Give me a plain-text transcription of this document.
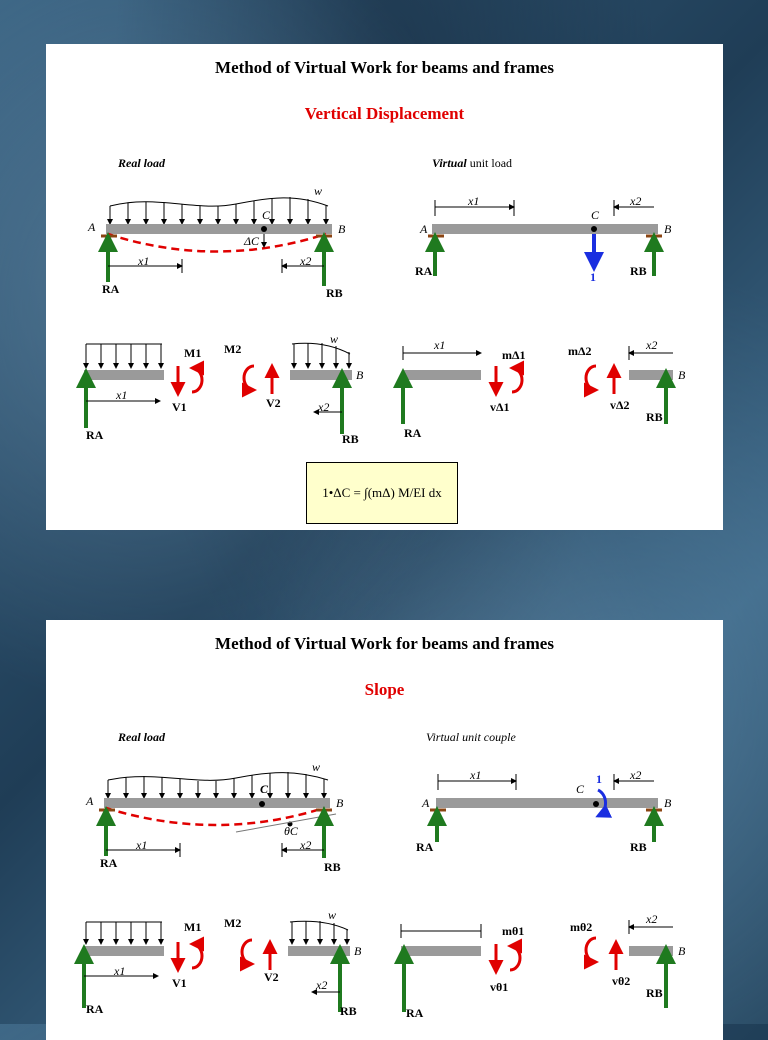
Method of Virtual Work for beams and frames
Vertical Displacement
Real load	Virtual unit load
A	B
C
w
ΔC
x1	x2
RA	RB
A	B
C
x1	x2
1
RA	RB
M1
V1
x1
RA
M2
V2
w
B
x2
RB
x1
mΔ1
vΔ1
RA
mΔ2
vΔ2
x2
B
RB
1•ΔC = ∫(mΔ) M/EI dx
Method of Virtual Work for beams and frames
Slope
Real load	Virtual unit couple
A	B
C
w
θC
x1	x2
RA	RB
A	B
C
1
x1	x2
RA	RB
M1
V1
x1
RA
M2
V2
w
B
x2
RB
mθ1
vθ1
RA
mθ2
vθ2
x2
B
RB
